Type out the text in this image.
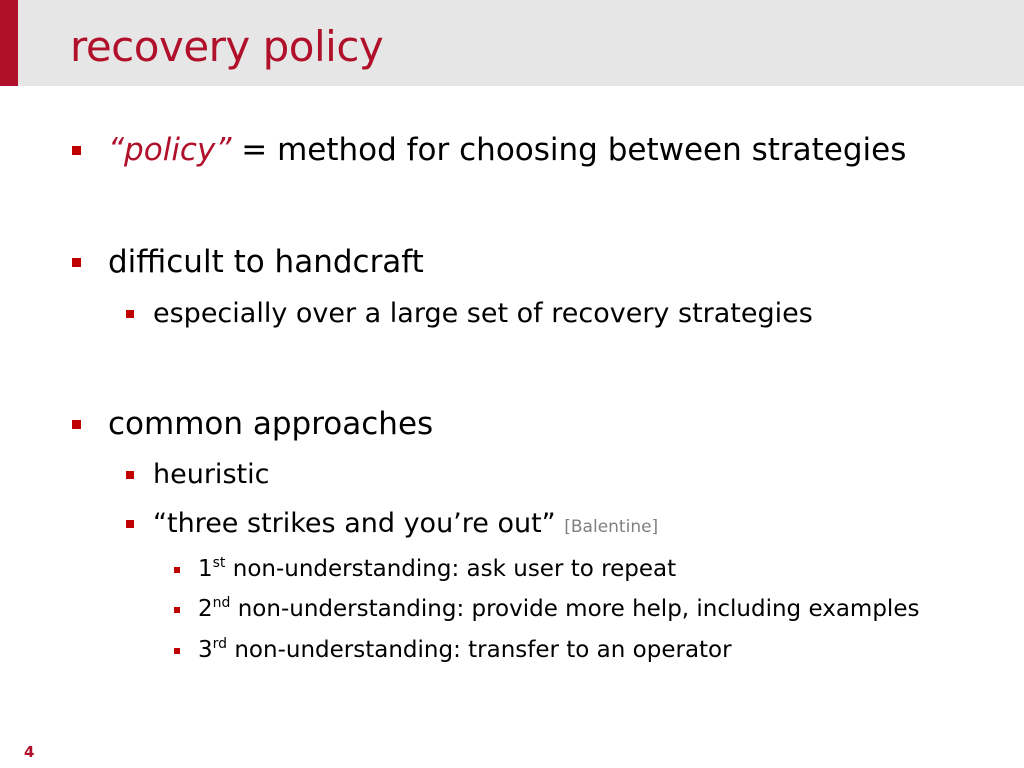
recovery policy
“policy” = method for choosing between strategies
difficult to handcraft
especially over a large set of recovery strategies
common approaches
heuristic
“three strikes and you’re out” [Balentine]
1st non-understanding: ask user to repeat
2nd non-understanding: provide more help, including examples
3rd non-understanding: transfer to an operator
4
